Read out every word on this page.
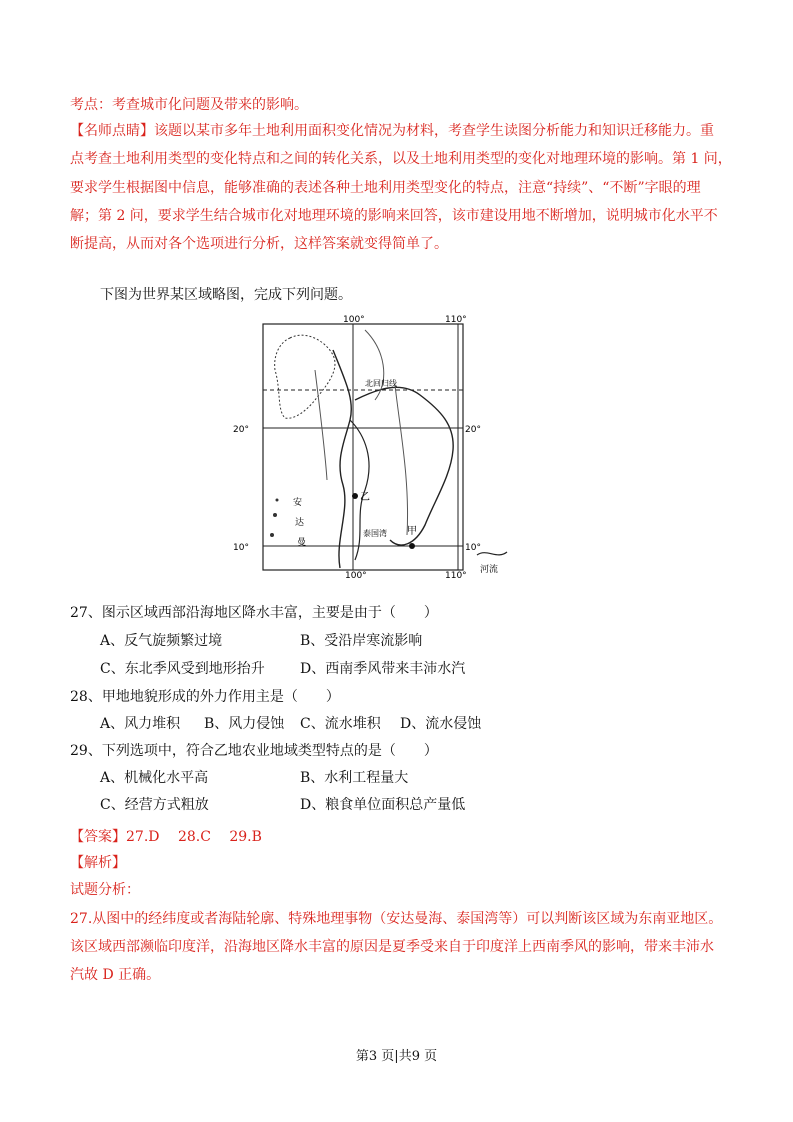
考点：考查城市化问题及带来的影响。
【名师点睛】该题以某市多年土地利用面积变化情况为材料，考查学生读图分析能力和知识迁移能力。重
点考查土地利用类型的变化特点和之间的转化关系，以及土地利用类型的变化对地理环境的影响。第 1 问，
要求学生根据图中信息，能够准确的表述各种土地利用类型变化的特点，注意“持续”、“不断”字眼的理
解；第 2 问，要求学生结合城市化对地理环境的影响来回答，该市建设用地不断增加，说明城市化水平不
断提高，从而对各个选项进行分析，这样答案就变得简单了。
下图为世界某区域略图，完成下列问题。
100°	110°
100°	110°
20°	20°
10°	10°
北回归线
乙
甲
安
达
曼
泰国湾
河流
27、图示区域西部沿海地区降水丰富，主要是由于（　　）
A、反气旋频繁过境	B、受沿岸寒流影响
C、东北季风受到地形抬升	D、西南季风带来丰沛水汽
28、甲地地貌形成的外力作用主是（　　）
A、风力堆积 B、风力侵蚀 C、流水堆积 D、流水侵蚀
29、下列选项中，符合乙地农业地域类型特点的是（　　）
A、机械化水平高	B、水利工程量大
C、经营方式粗放	D、粮食单位面积总产量低
【答案】27.D　 28.C　 29.B
【解析】
试题分析：
27.从图中的经纬度或者海陆轮廓、特殊地理事物（安达曼海、泰国湾等）可以判断该区域为东南亚地区。
该区域西部濒临印度洋，沿海地区降水丰富的原因是夏季受来自于印度洋上西南季风的影响，带来丰沛水
汽故 D 正确。
第3 页|共9 页
